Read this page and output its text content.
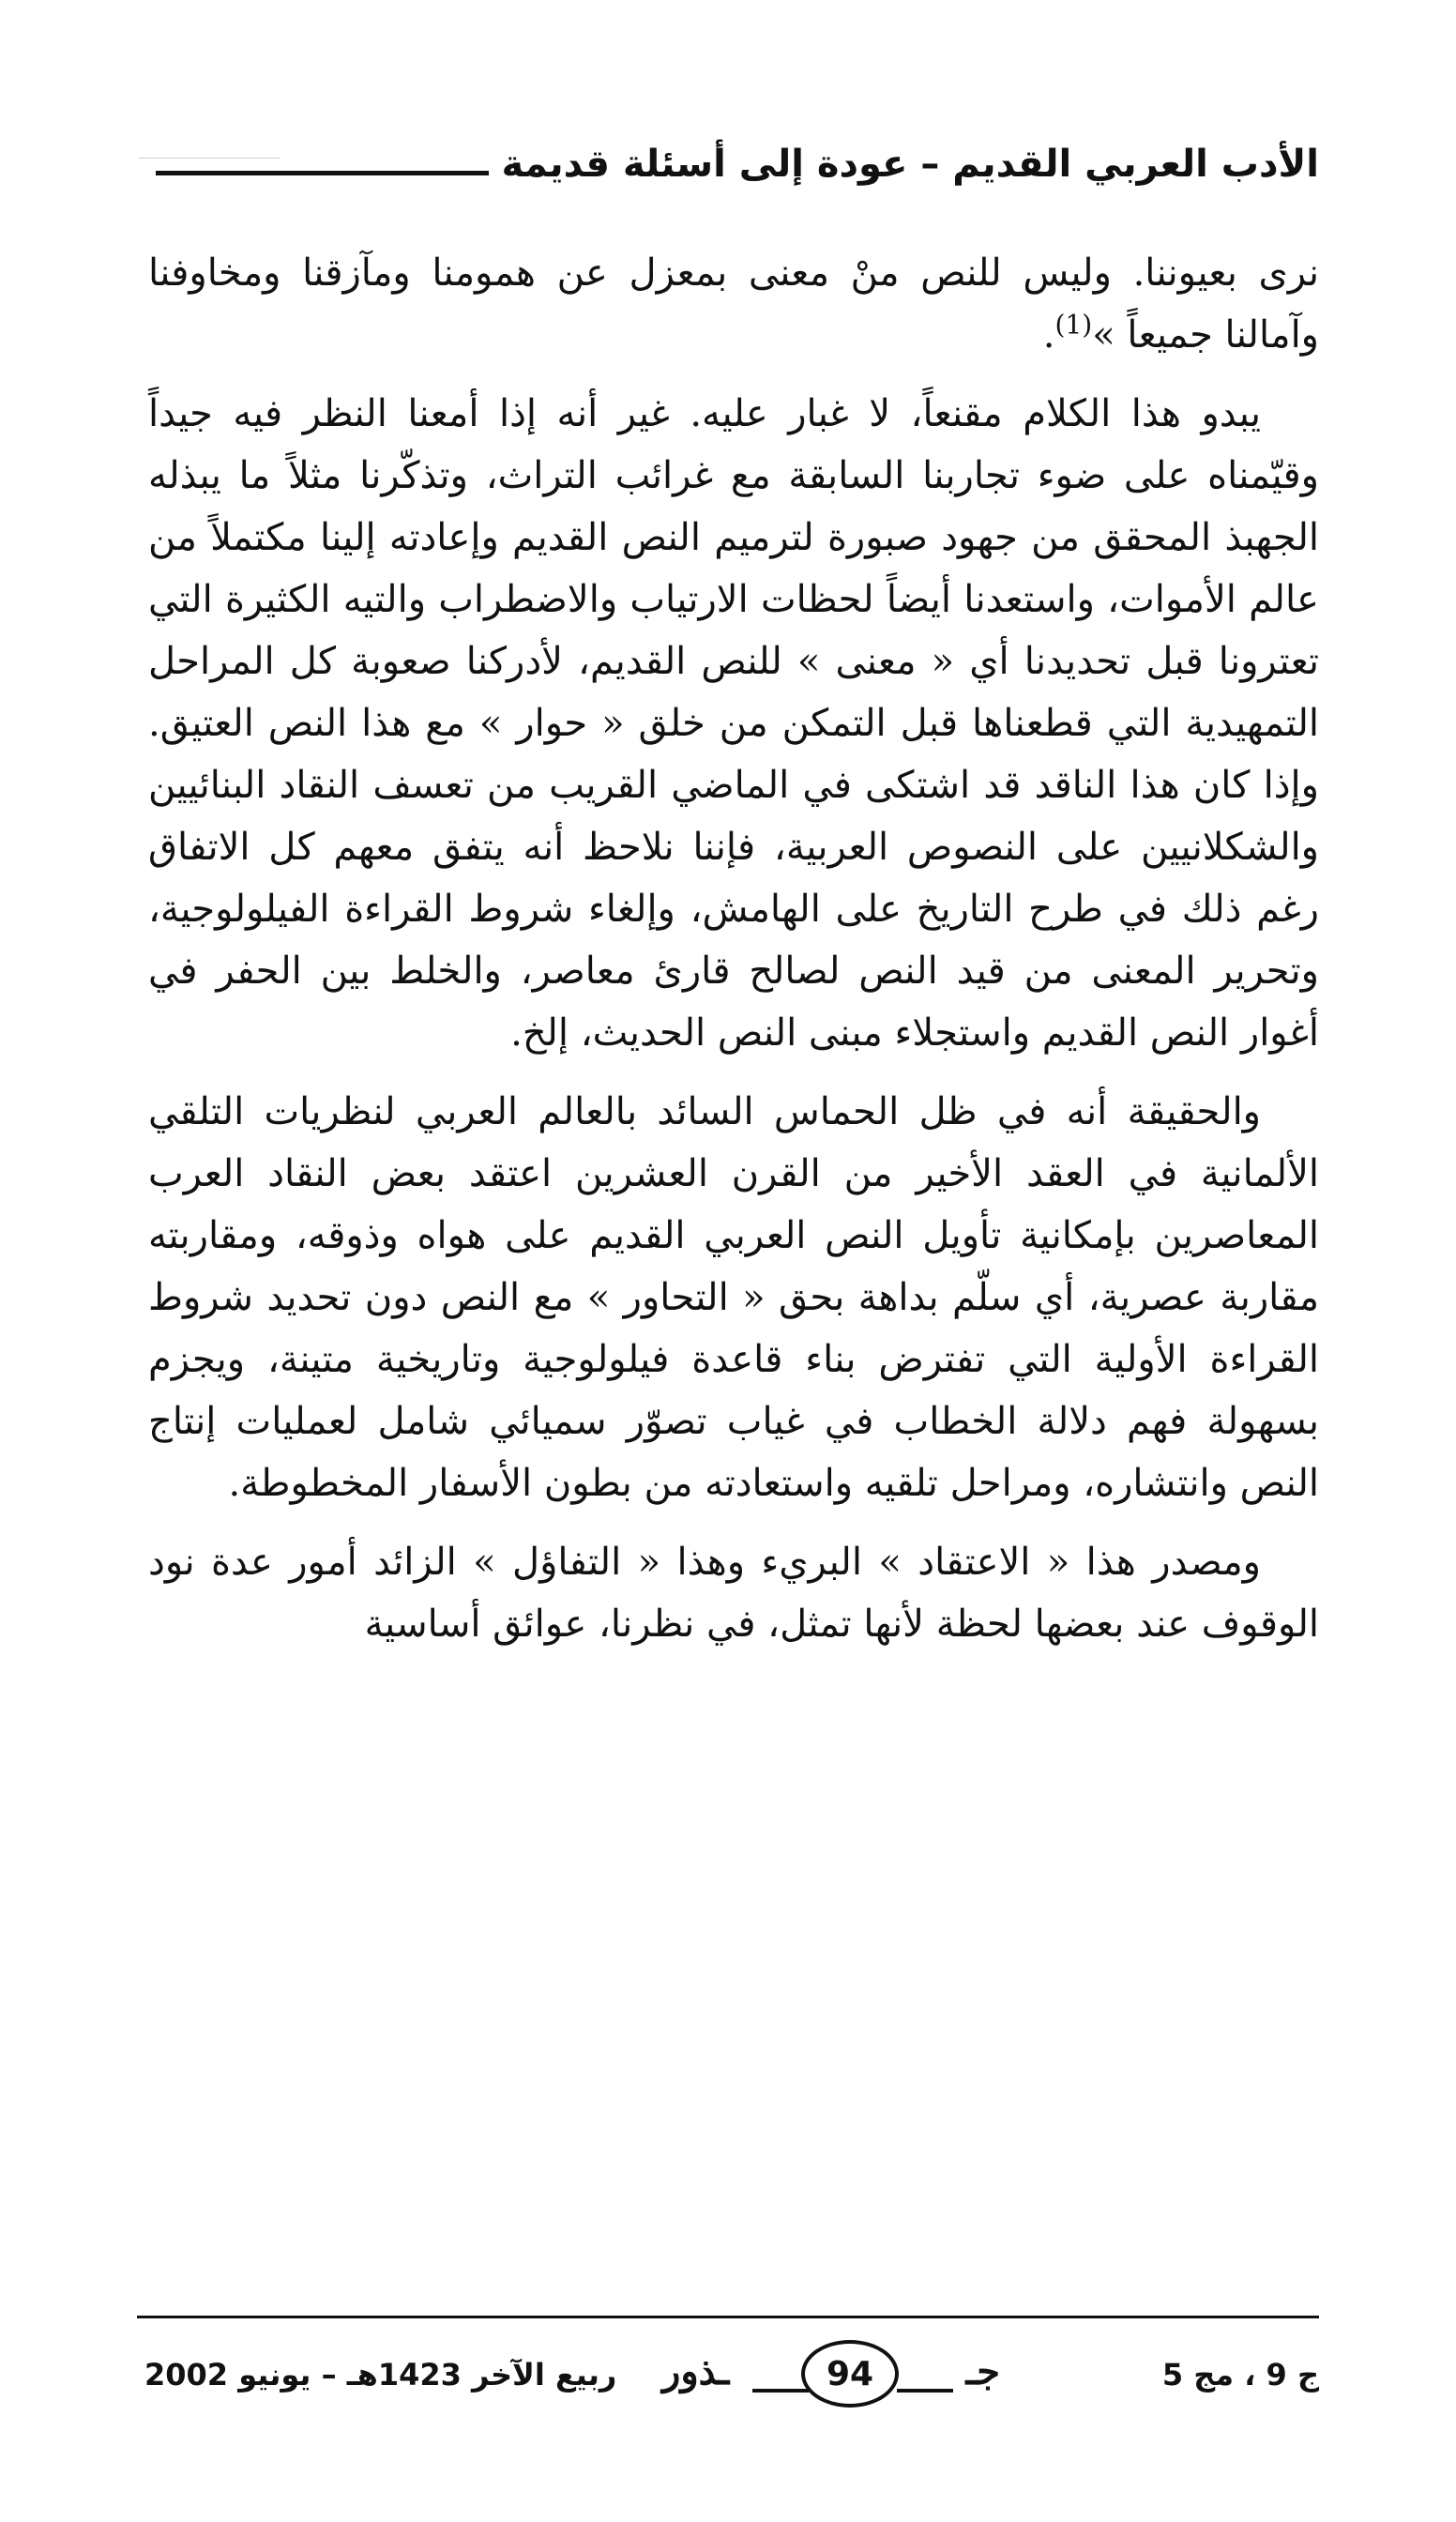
الأدب العربي القديم – عودة إلى أسئلة قديمة

نرى بعيوننا. وليس للنص منْ معنى بمعزل عن همومنا ومآزقنا ومخاوفنا وآمالنا جميعاً »$^{(1)}$.

يبدو هذا الكلام مقنعاً، لا غبار عليه. غير أنه إذا أمعنا النظر فيه جيداً وقيّمناه على ضوء تجاربنا السابقة مع غرائب التراث، وتذكّرنا مثلاً ما يبذله الجهبذ المحقق من جهود صبورة لترميم النص القديم وإعادته إلينا مكتملاً من عالم الأموات، واستعدنا أيضاً لحظات الارتياب والاضطراب والتيه الكثيرة التي تعترونا قبل تحديدنا أي « معنى » للنص القديم، لأدركنا صعوبة كل المراحل التمهيدية التي قطعناها قبل التمكن من خلق « حوار » مع هذا النص العتيق. وإذا كان هذا الناقد قد اشتكى في الماضي القريب من تعسف النقاد البنائيين والشكلانيين على النصوص العربية، فإننا نلاحظ أنه يتفق معهم كل الاتفاق رغم ذلك في طرح التاريخ على الهامش، وإلغاء شروط القراءة الفيلولوجية، وتحرير المعنى من قيد النص لصالح قارئ معاصر، والخلط بين الحفر في أغوار النص القديم واستجلاء مبنى النص الحديث، إلخ.

والحقيقة أنه في ظل الحماس السائد بالعالم العربي لنظريات التلقي الألمانية في العقد الأخير من القرن العشرين اعتقد بعض النقاد العرب المعاصرين بإمكانية تأويل النص العربي القديم على هواه وذوقه، ومقاربته مقاربة عصرية، أي سلّم بداهة بحق « التحاور » مع النص دون تحديد شروط القراءة الأولية التي تفترض بناء قاعدة فيلولوجية وتاريخية متينة، ويجزم بسهولة فهم دلالة الخطاب في غياب تصوّر سميائي شامل لعمليات إنتاج النص وانتشاره، ومراحل تلقيه واستعادته من بطون الأسفار المخطوطة.

ومصدر هذا « الاعتقاد » البريء وهذا « التفاؤل » الزائد أمور عدة نود الوقوف عند بعضها لحظة لأنها تمثل، في نظرنا، عوائق أساسية

ربيع الآخر 1423هـ – يونيو 2002 ـذور	94	جـ	ج 9 ، مج 5
